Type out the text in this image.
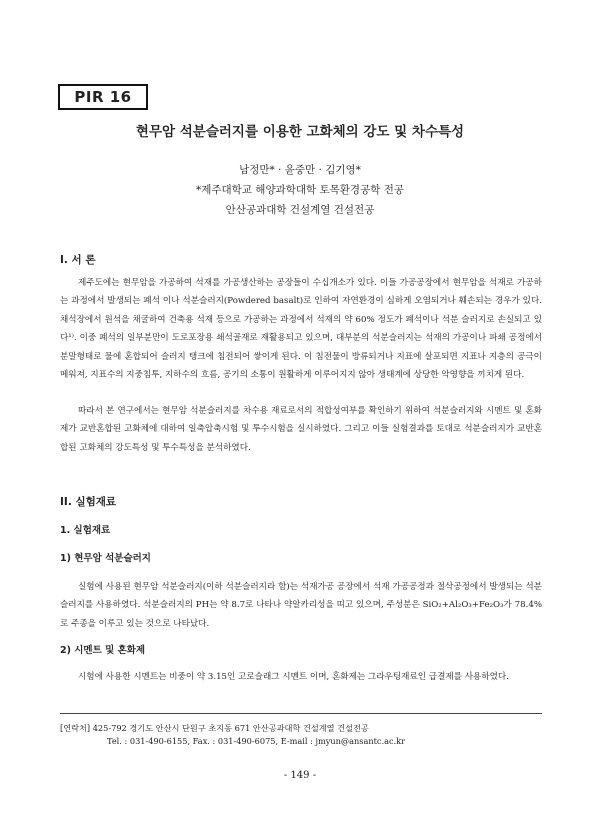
PIR 16
현무암 석분슬러지를 이용한 고화체의 강도 및 차수특성
남정만* · 윤중만 · 김기영*
*제주대학교 해양과학대학 토목환경공학 전공
안산공과대학 건설계열 건설전공
I. 서 론

제주도에는 현무암을 가공하여 석재를 가공생산하는 공장들이 수십개소가 있다. 이들 가공공장에서 현무암을 석재로 가공하는 과정에서 발생되는 폐석 이나 석분슬러지(Powdered basalt)로 인하여 자연환경이 심하게 오염되거나 훼손되는 경우가 있다. 채석장에서 원석을 채굴하여 건축용 석재 등으로 가공하는 과정에서 석재의 약 60% 정도가 폐석이나 석분 슬러지로 손실되고 있다¹⁾. 이중 폐석의 일부분만이 도로포장용 쇄석골재로 재활용되고 있으며, 대부분의 석분슬러지는 석재의 가공이나 파쇄 공정에서 분말형태로 물에 혼합되어 슬러지 탱크에 침전되어 쌓이게 된다. 이 침전물이 방류되거나 지표에 살포되면 지표나 지층의 공극이 메워져, 지표수의 지중침투, 지하수의 흐름, 공기의 소통이 원활하게 이루어지지 않아 생태계에 상당한 악영향을 끼치게 된다.

따라서 본 연구에서는 현무암 석분슬러지를 차수용 재료로서의 적합성여부를 확인하기 위하여 석분슬러지와 시멘트 및 혼화제가 교반혼합된 고화체에 대하여 일축압축시험 및 투수시험을 실시하였다. 그리고 이들 실험결과를 토대로 석분슬러지가 교반혼합된 고화체의 강도특성 및 투수특성을 분석하였다.

II. 실험재료
1. 실험재료
1) 현무암 석분슬러지

실험에 사용된 현무암 석분슬러지(이하 석분슬러지라 함)는 석재가공 공장에서 석재 가공공정과 절삭공정에서 발생되는 석분슬러지를 사용하였다. 석분슬러지의 PH는 약 8.7로 나타나 약알카리성을 띠고 있으며, 주성분은 SiO₂+Al₂O₃+Fe₂O₃가 78.4%로 주종을 이루고 있는 것으로 나타났다.

2) 시멘트 및 혼화제

시험에 사용한 시멘트는 비중이 약 3.15인 고로슬래그 시멘트 이며, 혼화제는 그라우팅재료인 급결제를 사용하였다.

[연락처] 425-792 경기도 안산시 단원구 초지동 671 안산공과대학 건설계열 건설전공
Tel. : 031-490-6155, Fax. : 031-490-6075, E-mail : jmyun@ansantc.ac.kr
- 149 -
